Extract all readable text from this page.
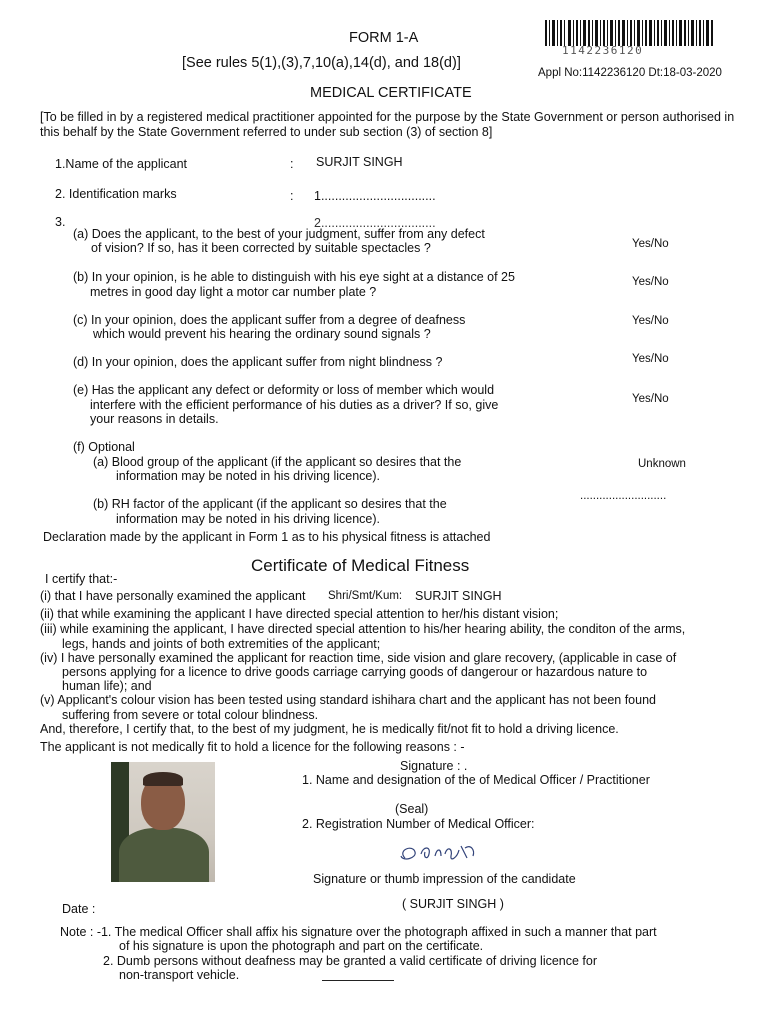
FORM 1-A
[See rules 5(1),(3),7,10(a),14(d), and 18(d)]
1142236120
Appl No:1142236120 Dt:18-03-2020
MEDICAL CERTIFICATE
[To be filled in by a registered medical practitioner appointed for the purpose by the State Government or person authorised in this behalf by the State Government referred to under sub section (3) of section 8]
1.Name of the applicant	: SURJIT SINGH
2. Identification marks	: 1.................................
2.................................
3.
(a) Does the applicant, to the best of your judgment, suffer from any defect
of vision? If so, has it been corrected by suitable spectacles ?	Yes/No
(b) In your opinion, is he able to distinguish with his eye sight at a distance of 25
metres in good day light a motor car number plate ?
Yes/No
(c) In your opinion, does the applicant suffer from a degree of deafness
which would prevent his hearing the ordinary sound signals ?
Yes/No
(d) In your opinion, does the applicant suffer from night blindness ?	Yes/No
(e) Has the applicant any defect or deformity or loss of member which would
interfere with the efficient performance of his duties as a driver? If so, give
your reasons in details.
Yes/No
(f) Optional
(a) Blood group of the applicant (if the applicant so desires that the
information may be noted in his driving licence).
Unknown
(b) RH factor of the applicant (if the applicant so desires that the
information may be noted in his driving licence).
...........................
Declaration made by the applicant in Form 1 as to his physical fitness is attached
Certificate of Medical Fitness
I certify that:-
(i) that I have personally examined the applicant Shri/Smt/Kum: SURJIT SINGH
(ii) that while examining the applicant I have directed special attention to her/his distant vision;
(iii) while examining the applicant, I have directed special attention to his/her hearing ability, the conditon of the arms,
legs, hands and joints of both extremities of the applicant;
(iv) I have personally examined the applicant for reaction time, side vision and glare recovery, (applicable in case of
persons applying for a licence to drive goods carriage carrying goods of dangerour or hazardous nature to
human life); and
(v) Applicant's colour vision has been tested using standard ishihara chart and the applicant has not been found
suffering from severe or total colour blindness.
And, therefore, I certify that, to the best of my judgment, he is medically fit/not fit to hold a driving licence.
The applicant is not medically fit to hold a licence for the following reasons : -
Signature : .
1. Name and designation of the of Medical Officer / Practitioner
(Seal)
2. Registration Number of Medical Officer:
Signature or thumb impression of the candidate
Date :	( SURJIT SINGH )
Note : -1. The medical Officer shall affix his signature over the photograph affixed in such a manner that part
of his signature is upon the photograph and part on the certificate.
2. Dumb persons without deafness may be granted a valid certificate of driving licence for
non-transport vehicle.
